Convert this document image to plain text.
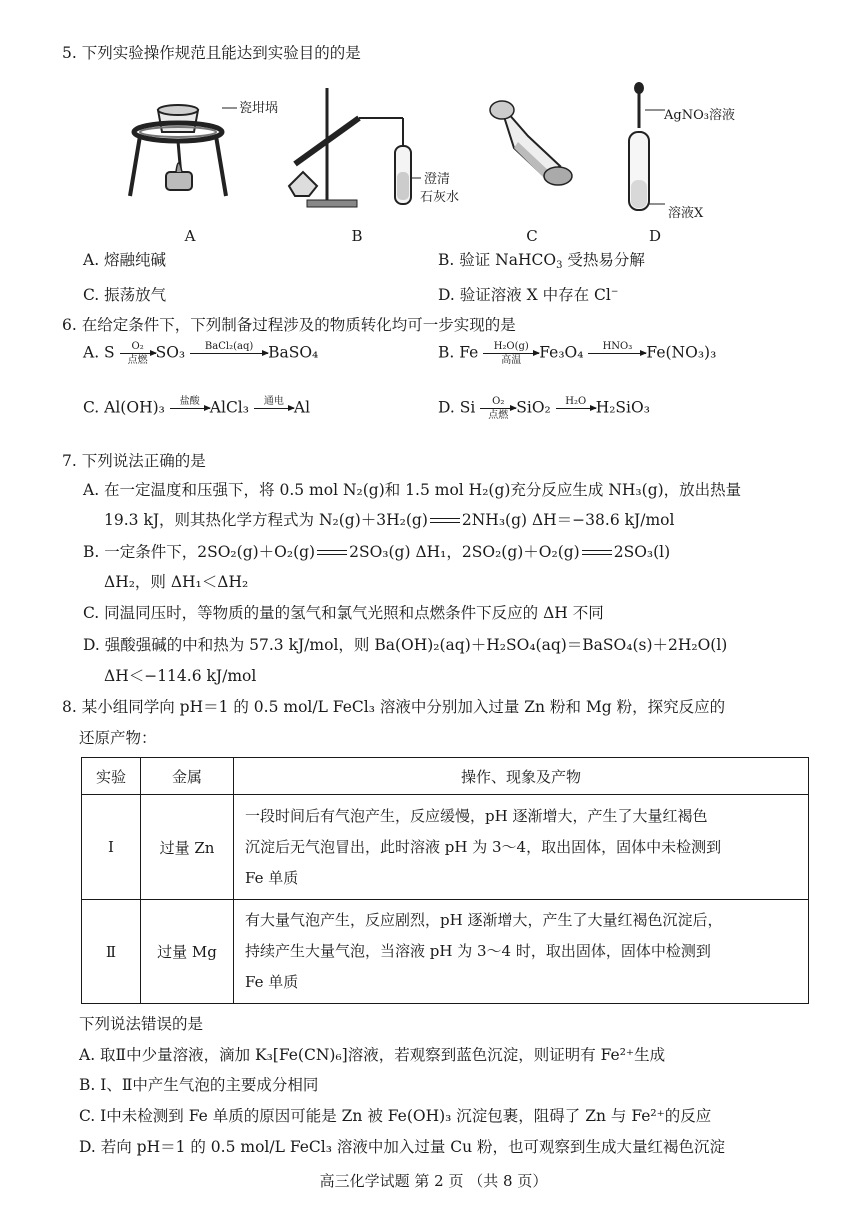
5. 下列实验操作规范且能达到实验目的的是
瓷坩埚
澄清
石灰水
AgNO₃溶液
溶液X
A	B	C	D
A. 熔融纯碱	B. 验证 NaHCO$_3$ 受热易分解
C. 振荡放气	D. 验证溶液 X 中存在 Cl−
6. 在给定条件下，下列制备过程涉及的物质转化均可一步实现的是
A. S	O₂
点燃 SO₃	BaCl₂(aq)
BaSO₄	B. Fe	H₂O(g)
高温	Fe₃O₄	HNO₃
Fe(NO₃)₃
C. Al(OH)₃	盐酸
AlCl₃	通电
Al	D. Si	O₂
点燃 SiO₂	H₂O
H₂SiO₃
7. 下列说法正确的是
A. 在一定温度和压强下，将 0.5 mol N₂(g)和 1.5 mol H₂(g)充分反应生成 NH₃(g)，放出热量
19.3 kJ，则其热化学方程式为 N₂(g)＋3H₂(g) 2NH₃(g) ΔH＝−38.6 kJ/mol
B. 一定条件下，2SO₂(g)＋O₂(g) 2SO₃(g) ΔH₁，2SO₂(g)＋O₂(g) 2SO₃(l)
ΔH₂，则 ΔH₁＜ΔH₂
C. 同温同压时，等物质的量的氢气和氯气光照和点燃条件下反应的 ΔH 不同
D. 强酸强碱的中和热为 57.3 kJ/mol，则 Ba(OH)₂(aq)＋H₂SO₄(aq)＝BaSO₄(s)＋2H₂O(l)
ΔH＜−114.6 kJ/mol
8. 某小组同学向 pH＝1 的 0.5 mol/L FeCl₃ 溶液中分别加入过量 Zn 粉和 Mg 粉，探究反应的
还原产物：
实验	金属	操作、现象及产物
Ⅰ	过量 Zn	一段时间后有气泡产生，反应缓慢，pH 逐渐增大，产生了大量红褐色
沉淀后无气泡冒出，此时溶液 pH 为 3～4，取出固体，固体中未检测到
Fe 单质

Ⅱ	过量 Mg	有大量气泡产生，反应剧烈，pH 逐渐增大，产生了大量红褐色沉淀后，
持续产生大量气泡，当溶液 pH 为 3～4 时，取出固体，固体中检测到
Fe 单质
下列说法错误的是
A. 取Ⅱ中少量溶液，滴加 K₃[Fe(CN)₆]溶液，若观察到蓝色沉淀，则证明有 Fe²⁺生成
B. Ⅰ、Ⅱ中产生气泡的主要成分相同
C. Ⅰ中未检测到 Fe 单质的原因可能是 Zn 被 Fe(OH)₃ 沉淀包裹，阻碍了 Zn 与 Fe²⁺的反应
D. 若向 pH＝1 的 0.5 mol/L FeCl₃ 溶液中加入过量 Cu 粉，也可观察到生成大量红褐色沉淀
高三化学试题 第 2 页 （共 8 页）
